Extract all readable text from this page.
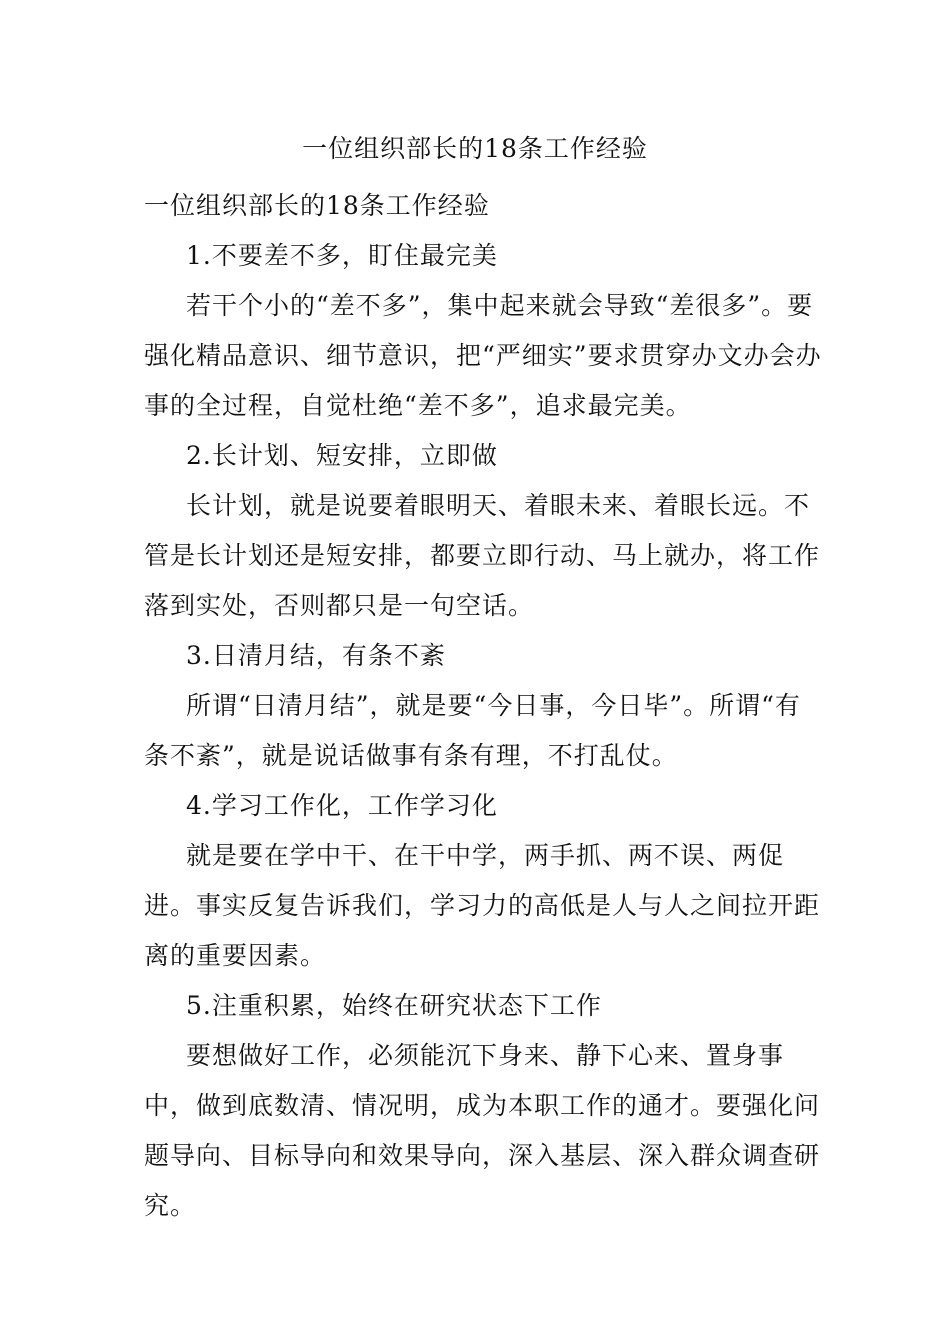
一位组织部长的18条工作经验

一位组织部长的18条工作经验

1.不要差不多，盯住最完美

若干个小的“差不多”，集中起来就会导致“差很多”。要强化精品意识、细节意识，把“严细实”要求贯穿办文办会办事的全过程，自觉杜绝“差不多”，追求最完美。

2.长计划、短安排，立即做

长计划，就是说要着眼明天、着眼未来、着眼长远。不管是长计划还是短安排，都要立即行动、马上就办，将工作落到实处，否则都只是一句空话。

3.日清月结，有条不紊

所谓“日清月结”，就是要“今日事，今日毕”。所谓“有条不紊”，就是说话做事有条有理，不打乱仗。

4.学习工作化，工作学习化

就是要在学中干、在干中学，两手抓、两不误、两促进。事实反复告诉我们，学习力的高低是人与人之间拉开距离的重要因素。

5.注重积累，始终在研究状态下工作

要想做好工作，必须能沉下身来、静下心来、置身事中，做到底数清、情况明，成为本职工作的通才。要强化问题导向、目标导向和效果导向，深入基层、深入群众调查研究。
